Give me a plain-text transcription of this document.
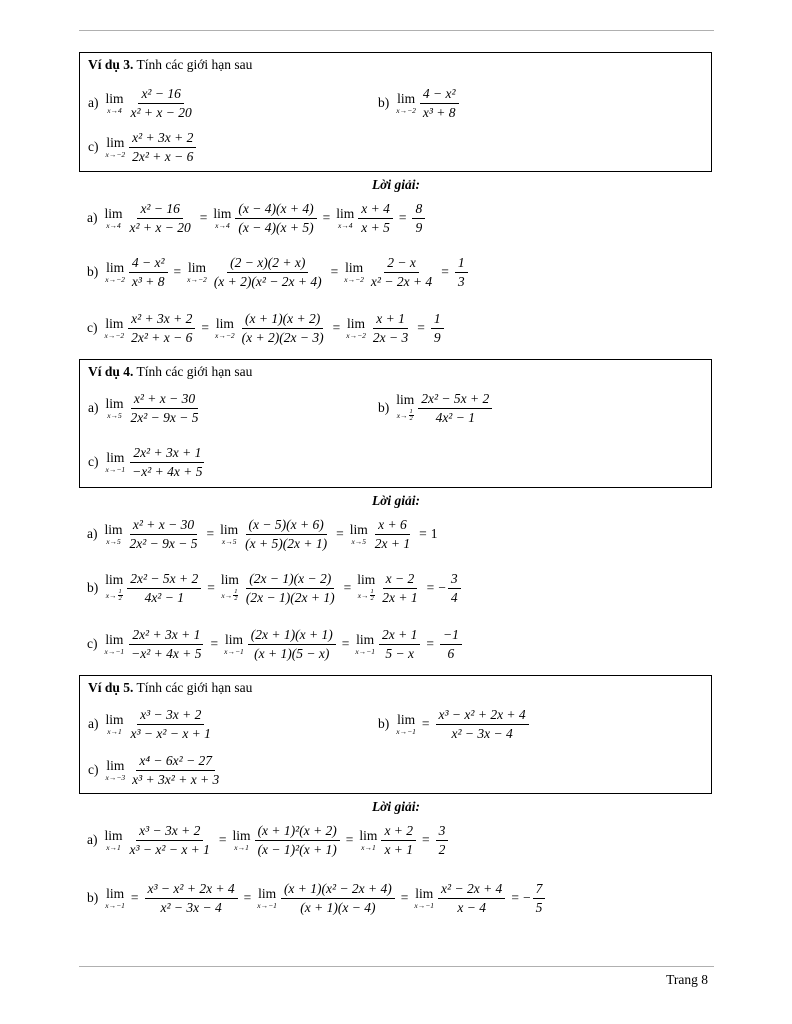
Ví dụ 3. Tính các giới hạn sau
a) lim
$x\to 4 \frac{\text{x² − 16}}{\text{x² + x − 20}}$	b) lim
$x\to-2 \frac{\text{4 − x²}}{\text{x³ + 8}}$
c) lim
$x\to-2 \frac{\text{x² + 3x + 2}}{\text{2x² + x − 6}}$
Lời giải:
a) lim
$x\to 4 \frac{\text{x² − 16}}{\text{x² + x − 20}} = \lim$
$x\to 4 \frac{(x - 4)(x + 4)}{(x - 4)(x + 5)} = \lim$
$x\to 4 \frac{x + 4}{x + 5} = \frac{8}{9}$
b) lim
$x\to-2 \frac{\text{4 − x²}}{\text{x³ + 8}} = \lim$
$x\to-2 \frac{(2 - x)(2 + x)}{\text{(x + 2)(x² − 2x + 4)}} = \lim$
$x\to-2 \frac{2 - x}{\text{x² − 2x + 4}} = \frac{1}{3}$
c) lim
$x\to-2 \frac{\text{x² + 3x + 2}}{\text{2x² + x − 6}} = \lim$
$x\to-2 \frac{(x + 1)(x + 2)}{(x + 2)(2x - 3)} = \lim$
$x\to-2 \frac{x + 1}{2x - 3} = \frac{1}{9}$
Ví dụ 4. Tính các giới hạn sau
a) lim
$x\to 5 \frac{\text{x² + x − 30}}{\text{2x² − 9x − 5}}$	b)
lim
x→ 1
$2 \frac{\text{2x² − 5x + 2}}{\text{4x² − 1}}$
c) lim
$x\to-1 \frac{\text{2x² + 3x + 1}}{\text{−x² + 4x + 5}}$
Lời giải:
a) lim
$x\to 5 \frac{\text{x² + x − 30}}{\text{2x² − 9x − 5}} = \lim$
$x\to 5 \frac{(x - 5)(x + 6)}{(x + 5)(2x + 1)} = \lim$
$x\to 5 \frac{x + 6}{2x + 1} = 1$
b)
lim
x→ 1
$2 \frac{\text{2x² − 5x + 2}}{\text{4x² − 1}}$ =
lim
x→ 1
$2 \frac{(2x - 1)(x - 2)}{(2x - 1)(2x + 1)}$ =
lim
x→ 1
$2 \frac{x - 2}{2x + 1}$ = − $\frac{3}{4}$
c) lim
$x\to-1 \frac{\text{2x² + 3x + 1}}{\text{−x² + 4x + 5}} = \lim$
$x\to-1 \frac{(2x + 1)(x + 1)}{(x + 1)(5 - x)} = \lim$
$x\to-1 \frac{2x + 1}{5 - x} = \frac{-1}{6}$
Ví dụ 5. Tính các giới hạn sau
a) lim
$x\to 1 \frac{\text{x³ − 3x + 2}}{\text{x³ − x² − x + 1}}$	b) lim
x→−1
= $\frac{\text{x³ − x² + 2x + 4}}{\text{x² − 3x − 4}}$
c) lim
$x\to-3 \frac{\text{x⁴ − 6x² − 27}}{\text{x³ + 3x² + x + 3}}$
Lời giải:
a) lim
$x\to 1 \frac{\text{x³ − 3x + 2}}{\text{x³ − x² − x + 1}} = \lim$
$x\to 1 \frac{\text{(x + 1)²(x + 2)}}{\text{(x − 1)²(x + 1)}} = \lim$
$x\to 1 \frac{x + 2}{x + 1} = \frac{3}{2}$
b) lim
x→−1
= $\frac{\text{x³ − x² + 2x + 4}}{\text{x² − 3x − 4}} = \lim$
$x\to-1 \frac{\text{(x + 1)(x² − 2x + 4)}}{(x + 1)(x - 4)} = \lim$
$x\to-1 \frac{\text{x² − 2x + 4}}{x - 4}$ = − $\frac{7}{5}$
Trang 8
